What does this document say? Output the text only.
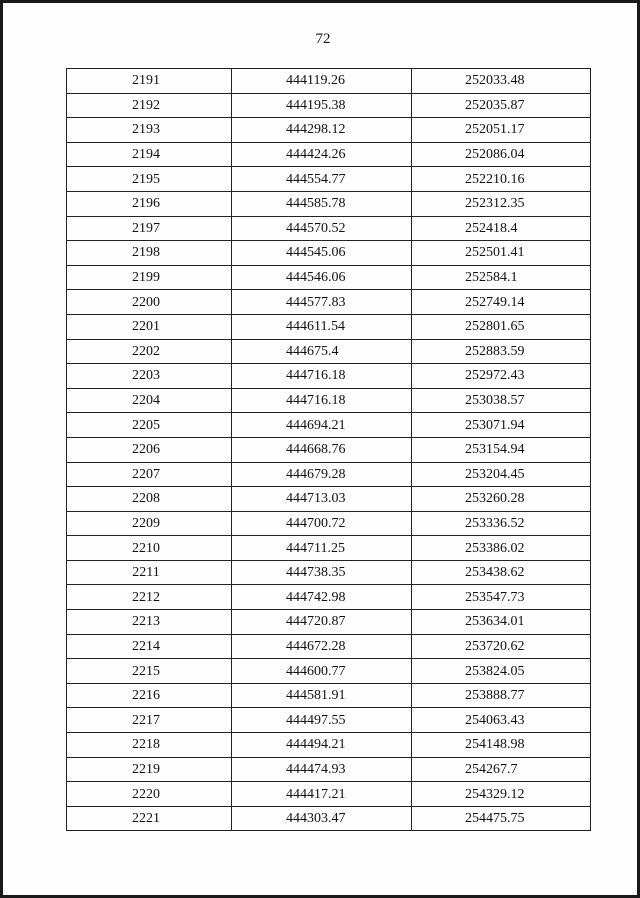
72
2191	444119.26	252033.48
2192	444195.38	252035.87
2193	444298.12	252051.17
2194	444424.26	252086.04
2195	444554.77	252210.16
2196	444585.78	252312.35
2197	444570.52	252418.4
2198	444545.06	252501.41
2199	444546.06	252584.1
2200	444577.83	252749.14
2201	444611.54	252801.65
2202	444675.4	252883.59
2203	444716.18	252972.43
2204	444716.18	253038.57
2205	444694.21	253071.94
2206	444668.76	253154.94
2207	444679.28	253204.45
2208	444713.03	253260.28
2209	444700.72	253336.52
2210	444711.25	253386.02
2211	444738.35	253438.62
2212	444742.98	253547.73
2213	444720.87	253634.01
2214	444672.28	253720.62
2215	444600.77	253824.05
2216	444581.91	253888.77
2217	444497.55	254063.43
2218	444494.21	254148.98
2219	444474.93	254267.7
2220	444417.21	254329.12
2221	444303.47	254475.75
